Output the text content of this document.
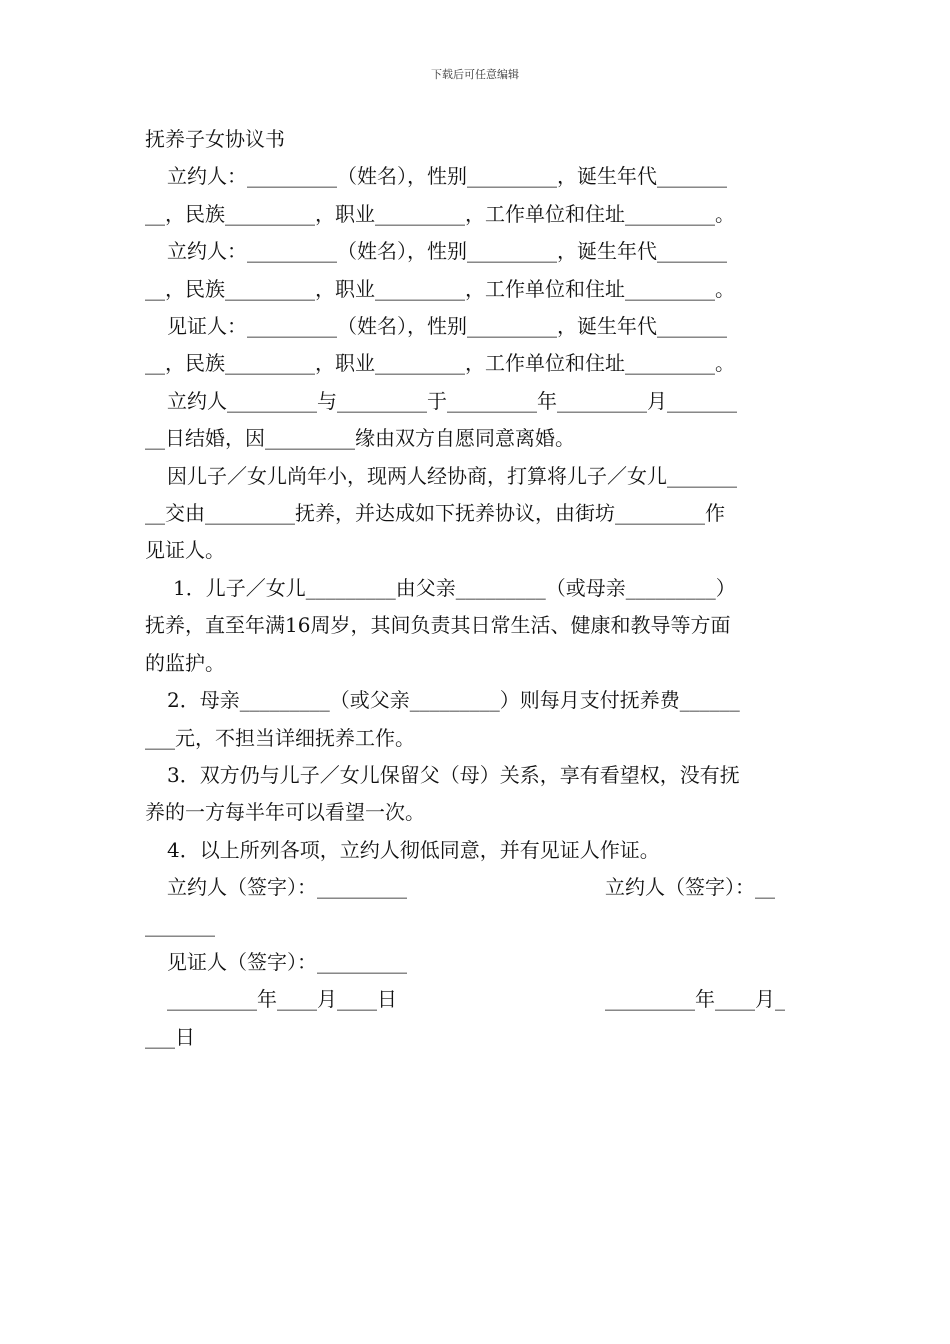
下载后可任意编辑
抚养子女协议书
立约人：_________（姓名），性别_________，诞生年代_______
__，民族_________，职业_________，工作单位和住址_________。
立约人：_________（姓名），性别_________，诞生年代_______
__，民族_________，职业_________，工作单位和住址_________。
见证人：_________（姓名），性别_________，诞生年代_______
__，民族_________，职业_________，工作单位和住址_________。
立约人_________与_________于_________年_________月_______
__日结婚，因_________缘由双方自愿同意离婚。
因儿子／女儿尚年小，现两人经协商，打算将儿子／女儿_______
__交由_________抚养，并达成如下抚养协议，由街坊_________作
见证人。
1．儿子／女儿_________由父亲_________（或母亲_________）
抚养，直至年满16周岁，其间负责其日常生活、健康和教导等方面
的监护。
2．母亲_________（或父亲_________）则每月支付抚养费______
___元，不担当详细抚养工作。
3．双方仍与儿子／女儿保留父（母）关系，享有看望权，没有抚
养的一方每半年可以看望一次。
4．以上所列各项，立约人彻低同意，并有见证人作证。
立约人（签字）：_________	立约人（签字）：__
_______
见证人（签字）：_________
_________年____月____日	_________年____月_
___日
